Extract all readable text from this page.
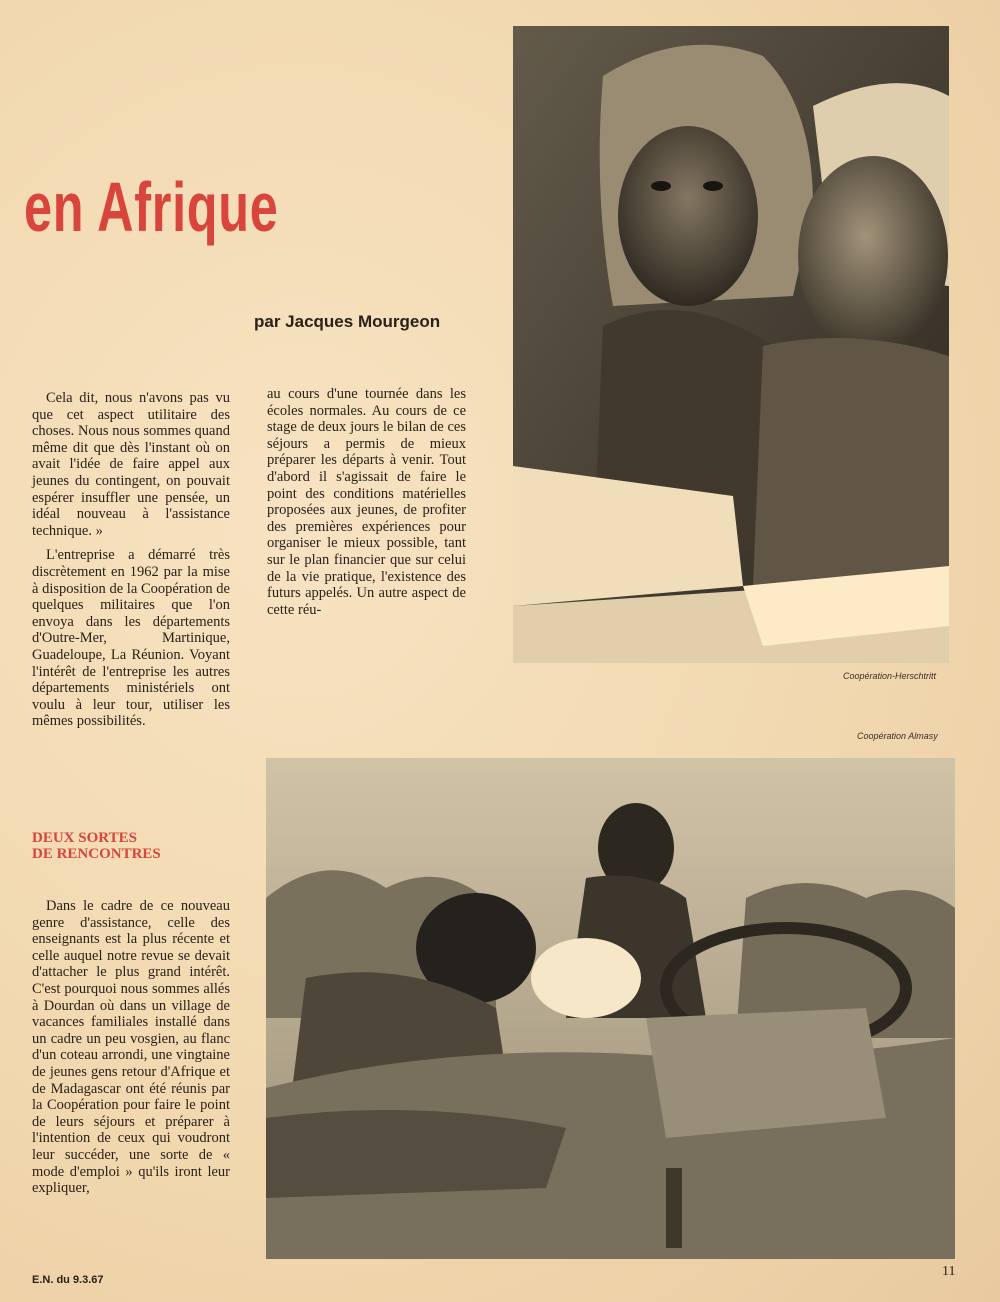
en Afrique
par Jacques Mourgeon

Cela dit, nous n'avons pas vu que cet aspect utilitaire des choses. Nous nous sommes quand même dit que dès l'instant où on avait l'idée de faire appel aux jeunes du contingent, on pouvait espérer insuffler une pensée, un idéal nouveau à l'assistance technique. »

L'entreprise a démarré très discrètement en 1962 par la mise à disposition de la Coopération de quelques militaires que l'on envoya dans les départements d'Outre-Mer, Martinique, Guadeloupe, La Réunion. Voyant l'intérêt de l'entreprise les autres départements ministériels ont voulu à leur tour, utiliser les mêmes possibilités.

au cours d'une tournée dans les écoles normales. Au cours de ce stage de deux jours le bilan de ces séjours a permis de mieux préparer les départs à venir. Tout d'abord il s'agissait de faire le point des conditions matérielles proposées aux jeunes, de profiter des premières expériences pour organiser le mieux possible, tant sur le plan financier que sur celui de la vie pratique, l'existence des futurs appelés. Un autre aspect de cette réu-

DEUX SORTES
DE RENCONTRES

Dans le cadre de ce nouveau genre d'assistance, celle des enseignants est la plus récente et celle auquel notre revue se devait d'attacher le plus grand intérêt. C'est pourquoi nous sommes allés à Dourdan où dans un village de vacances familiales installé dans un cadre un peu vosgien, au flanc d'un coteau arrondi, une vingtaine de jeunes gens retour d'Afrique et de Madagascar ont été réunis par la Coopération pour faire le point de leurs séjours et préparer à l'intention de ceux qui voudront leur succéder, une sorte de « mode d'emploi » qu'ils iront leur expliquer,

Coopération-Herschtritt
Coopération Almasy
E.N. du 9.3.67
11
